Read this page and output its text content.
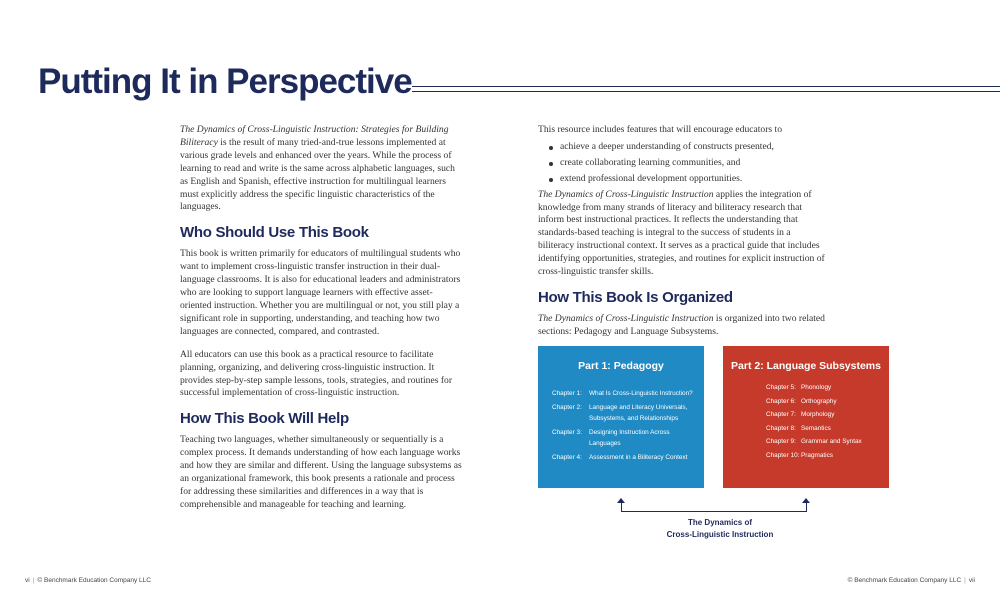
Putting It in Perspective

The Dynamics of Cross-Linguistic Instruction: Strategies for Building Biliteracy is the result of many tried-and-true lessons implemented at various grade levels and enhanced over the years. While the process of learning to read and write is the same across alphabetic languages, such as English and Spanish, effective instruction for multilingual learners must explicitly address the specific linguistic characteristics of the languages.

Who Should Use This Book

This book is written primarily for educators of multilingual students who want to implement cross-linguistic transfer instruction in their dual-language classrooms. It is also for educational leaders and administrators who are looking to support language learners with effective asset-oriented instruction. Whether you are multilingual or not, you still play a significant role in supporting, understanding, and teaching how two languages are connected, compared, and contrasted.

All educators can use this book as a practical resource to facilitate planning, organizing, and delivering cross-linguistic instruction. It provides step-by-step sample lessons, tools, strategies, and routines for successful implementation of cross-linguistic instruction.

How This Book Will Help

Teaching two languages, whether simultaneously or sequentially is a complex process. It demands understanding of how each language works and how they are similar and different. Using the language subsystems as an organizational framework, this book presents a rationale and process for addressing these similarities and differences in a way that is comprehensible and manageable for teaching and learning.

This resource includes features that will encourage educators to

achieve a deeper understanding of constructs presented,
create collaborating learning communities, and
extend professional development opportunities.

The Dynamics of Cross-Linguistic Instruction applies the integration of knowledge from many strands of literacy and biliteracy research that inform best instructional practices. It reflects the understanding that standards-based teaching is integral to the success of students in a biliteracy instructional context. It serves as a practical guide that includes identifying opportunities, strategies, and routines for explicit instruction of cross-linguistic transfer skills.

How This Book Is Organized

The Dynamics of Cross-Linguistic Instruction is organized into two related sections: Pedagogy and Language Subsystems.

Part 1: Pedagogy
Chapter 1:	What Is Cross-Linguistic Instruction?
Chapter 2:	Language and Literacy Universals, Subsystems, and Relationships
Chapter 3:	Designing Instruction Across Languages
Chapter 4:	Assessment in a Biliteracy Context
Part 2: Language Subsystems
Chapter 5: Phonology
Chapter 6: Orthography
Chapter 7: Morphology
Chapter 8: Semantics
Chapter 9: Grammar and Syntax
Chapter 10: Pragmatics
The Dynamics of
Cross-Linguistic Instruction
vi | © Benchmark Education Company LLC	© Benchmark Education Company LLC | vii
